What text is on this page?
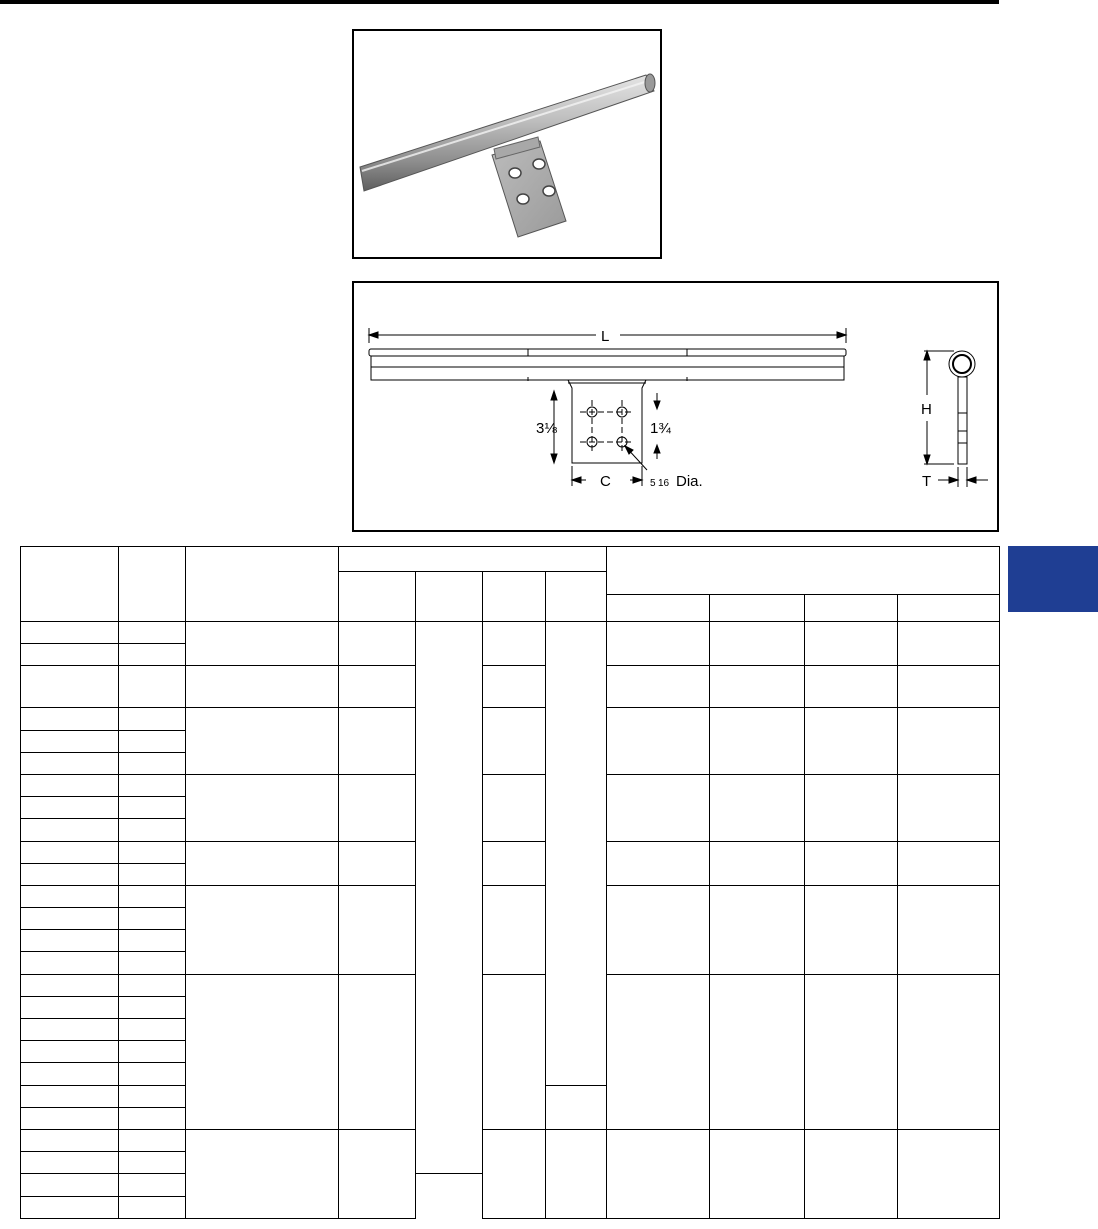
L
3⅛	1¾
C	5 16 Dia.
H
T
